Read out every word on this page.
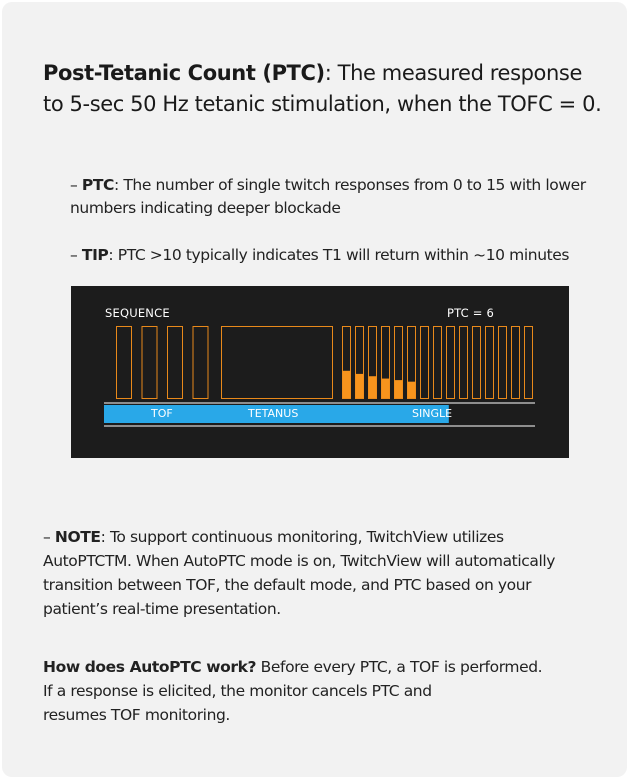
Post-Tetanic Count (PTC): The measured response to 5-sec 50 Hz tetanic stimulation, when the TOFC = 0.
– PTC: The number of single twitch responses from 0 to 15 with lower numbers indicating deeper blockade
– TIP: PTC >10 typically indicates T1 will return within ~10 minutes
SEQUENCE	PTC = 6
TOF	TETANUS	SINGLE
– NOTE: To support continuous monitoring, TwitchView utilizes
AutoPTCTM. When AutoPTC mode is on, TwitchView will automatically
transition between TOF, the default mode, and PTC based on your
patient’s real-time presentation.
How does AutoPTC work? Before every PTC, a TOF is performed.
If a response is elicited, the monitor cancels PTC and
resumes TOF monitoring.
